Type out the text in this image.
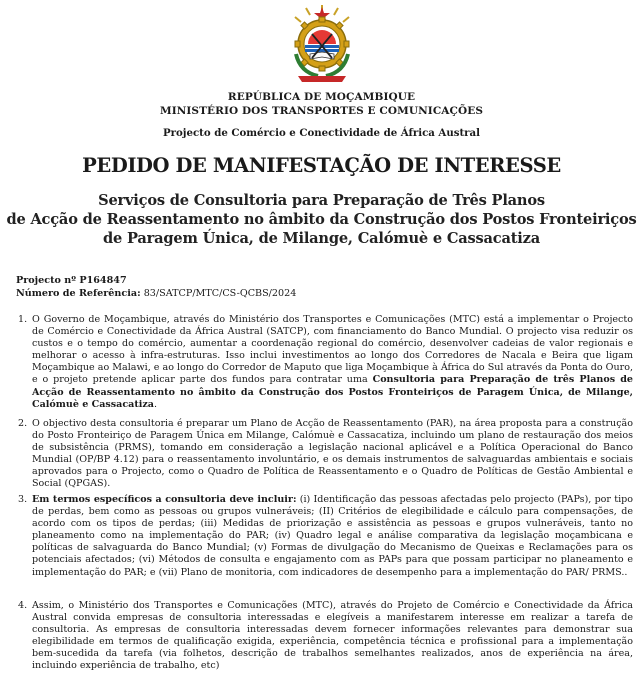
REPÚBLICA DE MOÇAMBIQUE
MINISTÉRIO DOS TRANSPORTES E COMUNICAÇÕES
Projecto de Comércio e Conectividade de África Austral
PEDIDO DE MANIFESTAÇÃO DE INTERESSE
Serviços de Consultoria para Preparação de Três Planos
de Acção de Reassentamento no âmbito da Construção dos Postos Fronteiriços
de Paragem Única, de Milange, Calómuè e Cassacatiza
Projecto nº P164847
Número de Referência: 83/SATCP/MTC/CS-QCBS/2024
1. O Governo de Moçambique, através do Ministério dos Transportes e Comunicações (MTC) está a implementar o Projecto de Comércio e Conectividade da África Austral (SATCP), com financiamento do Banco Mundial. O projecto visa reduzir os custos e o tempo do comércio, aumentar a coordenação regional do comércio, desenvolver cadeias de valor regionais e melhorar o acesso à infra-estruturas. Isso inclui investimentos ao longo dos Corredores de Nacala e Beira que ligam Moçambique ao Malawi, e ao longo do Corredor de Maputo que liga Moçambique à África do Sul através da Ponta do Ouro, e o projeto pretende aplicar parte dos fundos para contratar uma Consultoria para Preparação de três Planos de Acção de Reassentamento no âmbito da Construção dos Postos Fronteiriços de Paragem Única, de Milange, Calómuè e Cassacatiza.
2. O objectivo desta consultoria é preparar um Plano de Acção de Reassentamento (PAR), na área proposta para a construção do Posto Fronteiriço de Paragem Única em Milange, Calómuè e Cassacatiza, incluindo um plano de restauração dos meios de subsistência (PRMS), tomando em consideração a legislação nacional aplicável e a Política Operacional do Banco Mundial (OP/BP 4.12) para o reassentamento involuntário, e os demais instrumentos de salvaguardas ambientais e sociais aprovados para o Projecto, como o Quadro de Política de Reassentamento e o Quadro de Políticas de Gestão Ambiental e Social (QPGAS).
3. Em termos específicos a consultoria deve incluir: (i) Identificação das pessoas afectadas pelo projecto (PAPs), por tipo de perdas, bem como as pessoas ou grupos vulneráveis; (II) Critérios de elegibilidade e cálculo para compensações, de acordo com os tipos de perdas; (iii) Medidas de priorização e assistência as pessoas e grupos vulneráveis, tanto no planeamento como na implementação do PAR; (iv) Quadro legal e análise comparativa da legislação moçambicana e políticas de salvaguarda do Banco Mundial; (v) Formas de divulgação do Mecanismo de Queixas e Reclamações para os potenciais afectados; (vi) Métodos de consulta e engajamento com as PAPs para que possam participar no planeamento e implementação do PAR; e (vii) Plano de monitoria, com indicadores de desempenho para a implementação do PAR/ PRMS..
4. Assim, o Ministério dos Transportes e Comunicações (MTC), através do Projeto de Comércio e Conectividade da África Austral convida empresas de consultoria interessadas e elegíveis a manifestarem interesse em realizar a tarefa de consultoria. As empresas de consultoria interessadas devem fornecer informações relevantes para demonstrar sua elegibilidade em termos de qualificação exigida, experiência, competência técnica e profissional para a implementação bem-sucedida da tarefa (via folhetos, descrição de trabalhos semelhantes realizados, anos de experiência na área, incluindo experiência de trabalho, etc)
